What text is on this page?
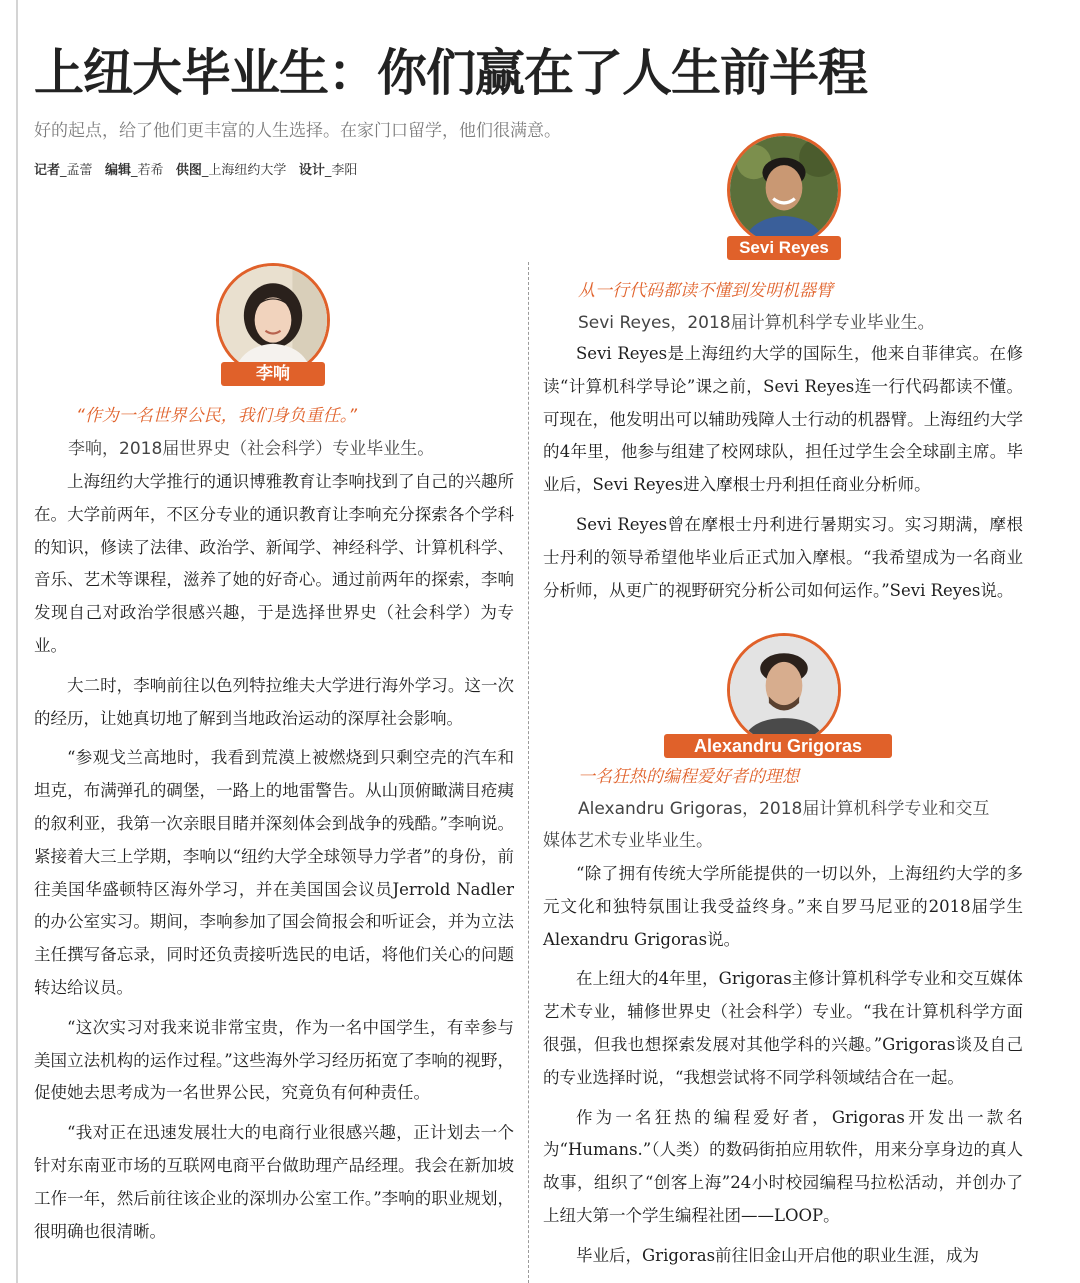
上纽大毕业生：你们赢在了人生前半程
好的起点，给了他们更丰富的人生选择。在家门口留学，他们很满意。
记者_孟蕾 编辑_若希 供图_上海纽约大学 设计_李阳
李响
Sevi Reyes
Alexandru Grigoras
“作为一名世界公民，我们身负重任。”
李响，2018届世界史（社会科学）专业毕业生。

上海纽约大学推行的通识博雅教育让李响找到了自己的兴趣所在。大学前两年，不区分专业的通识教育让李响充分探索各个学科的知识，修读了法律、政治学、新闻学、神经科学、计算机科学、音乐、艺术等课程，滋养了她的好奇心。通过前两年的探索，李响发现自己对政治学很感兴趣，于是选择世界史（社会科学）为专业。

大二时，李响前往以色列特拉维夫大学进行海外学习。这一次的经历，让她真切地了解到当地政治运动的深厚社会影响。

“参观戈兰高地时，我看到荒漠上被燃烧到只剩空壳的汽车和坦克，布满弹孔的碉堡，一路上的地雷警告。从山顶俯瞰满目疮痍的叙利亚，我第一次亲眼目睹并深刻体会到战争的残酷。”李响说。紧接着大三上学期，李响以“纽约大学全球领导力学者”的身份，前往美国华盛顿特区海外学习，并在美国国会议员Jerrold Nadler的办公室实习。期间，李响参加了国会简报会和听证会，并为立法主任撰写备忘录，同时还负责接听选民的电话，将他们关心的问题转达给议员。

“这次实习对我来说非常宝贵，作为一名中国学生，有幸参与美国立法机构的运作过程。”这些海外学习经历拓宽了李响的视野，促使她去思考成为一名世界公民，究竟负有何种责任。

“我对正在迅速发展壮大的电商行业很感兴趣，正计划去一个针对东南亚市场的互联网电商平台做助理产品经理。我会在新加坡工作一年，然后前往该企业的深圳办公室工作。”李响的职业规划，很明确也很清晰。

从一行代码都读不懂到发明机器臂
Sevi Reyes，2018届计算机科学专业毕业生。

Sevi Reyes是上海纽约大学的国际生，他来自菲律宾。在修读“计算机科学导论”课之前，Sevi Reyes连一行代码都读不懂。可现在，他发明出可以辅助残障人士行动的机器臂。上海纽约大学的4年里，他参与组建了校网球队，担任过学生会全球副主席。毕业后，Sevi Reyes进入摩根士丹利担任商业分析师。

Sevi Reyes曾在摩根士丹利进行暑期实习。实习期满，摩根士丹利的领导希望他毕业后正式加入摩根。“我希望成为一名商业分析师，从更广的视野研究分析公司如何运作。”Sevi Reyes说。

一名狂热的编程爱好者的理想
Alexandru Grigoras，2018届计算机科学专业和交互
媒体艺术专业毕业生。

“除了拥有传统大学所能提供的一切以外，上海纽约大学的多元文化和独特氛围让我受益终身。”来自罗马尼亚的2018届学生Alexandru Grigoras说。

在上纽大的4年里，Grigoras主修计算机科学专业和交互媒体艺术专业，辅修世界史（社会科学）专业。“我在计算机科学方面很强，但我也想探索发展对其他学科的兴趣。”Grigoras谈及自己的专业选择时说，“我想尝试将不同学科领域结合在一起。

作为一名狂热的编程爱好者，Grigoras开发出一款名为“Humans.”（人类）的数码街拍应用软件，用来分享身边的真人故事，组织了“创客上海”24小时校园编程马拉松活动，并创办了上纽大第一个学生编程社团——LOOP。

毕业后，Grigoras前往旧金山开启他的职业生涯，成为
